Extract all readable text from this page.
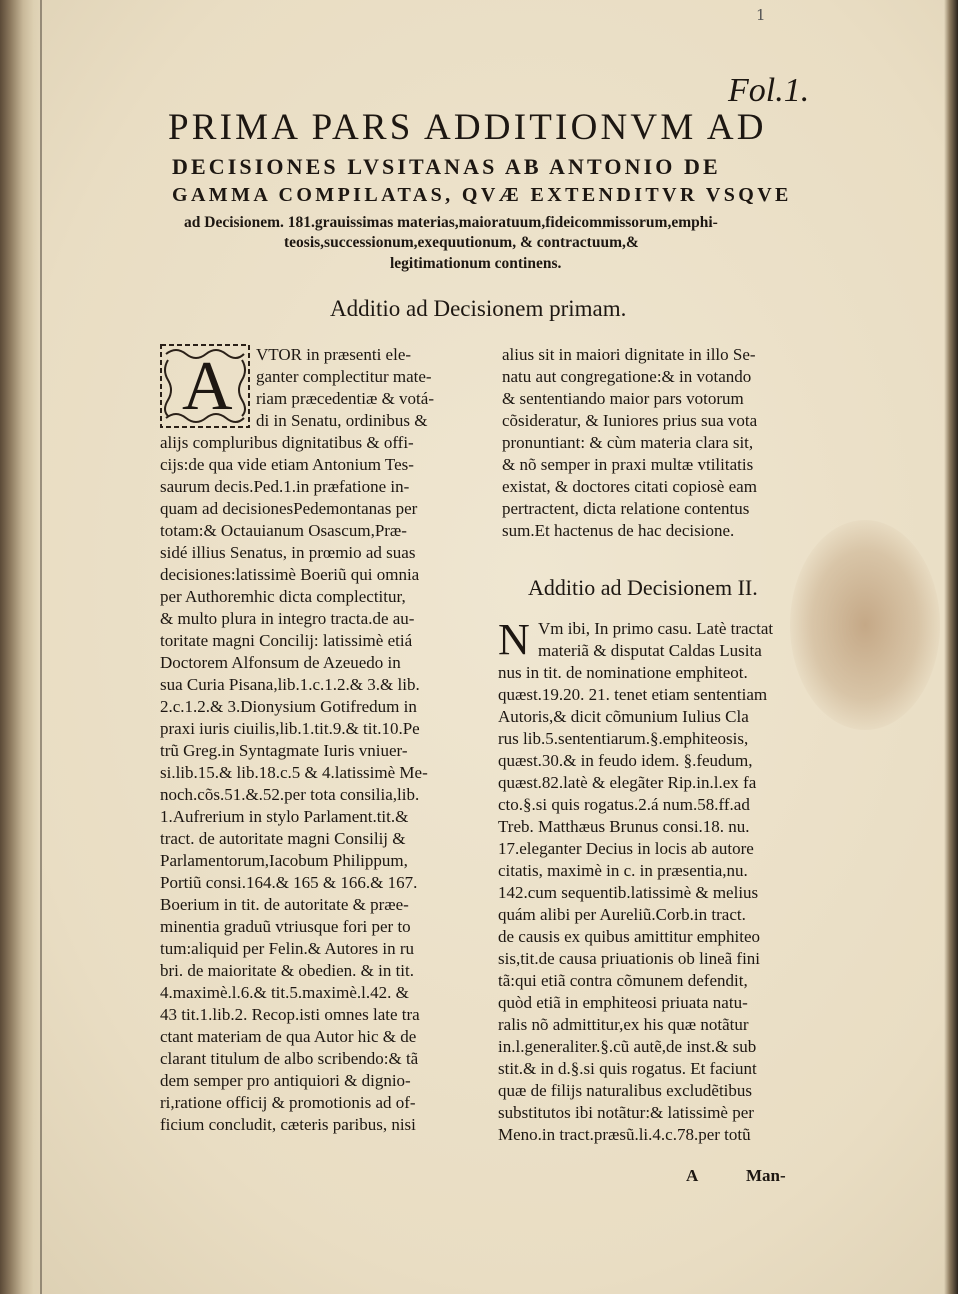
1
Fol.1.
PRIMA PARS ADDITIONVM AD
DECISIONES LVSITANAS AB ANTONIO DE
GAMMA COMPILATAS, QVÆ EXTENDITVR VSQVE
ad Decisionem. 181.grauissimas materias,maioratuum,fideicommissorum,emphi-
teosis,successionum,exequutionum, & contractuum,&
legitimationum continens.
Additio ad Decisionem primam.
A	VTOR in præsenti ele-
ganter complectitur mate-
riam præcedentiæ & votá-
di in Senatu, ordinibus &
alijs compluribus dignitatibus & offi-
cijs:de qua vide etiam Antonium Tes-
saurum decis.Ped.1.in præfatione in-
quam ad decisionesPedemontanas per
totam:& Octauianum Osascum,Præ-
sidé illius Senatus, in prœmio ad suas
decisiones:latissimè Boeriũ qui omnia
per Authoremhic dicta complectitur,
& multo plura in integro tracta.de au-
toritate magni Concilij: latissimè etiá
Doctorem Alfonsum de Azeuedo in
sua Curia Pisana,lib.1.c.1.2.& 3.& lib.
2.c.1.2.& 3.Dionysium Gotifredum in
praxi iuris ciuilis,lib.1.tit.9.& tit.10.Pe
trũ Greg.in Syntagmate Iuris vniuer-
si.lib.15.& lib.18.c.5 & 4.latissimè Me-
noch.cõs.51.&.52.per tota consilia,lib.
1.Aufrerium in stylo Parlament.tit.&
tract. de autoritate magni Consilij &
Parlamentorum,Iacobum Philippum,
Portiũ consi.164.& 165 & 166.& 167.
Boerium in tit. de autoritate & præe-
minentia graduũ vtriusque fori per to
tum:aliquid per Felin.& Autores in ru
bri. de maioritate & obedien. & in tit.
4.maximè.l.6.& tit.5.maximè.l.42. &
43 tit.1.lib.2. Recop.isti omnes late tra
ctant materiam de qua Autor hic & de
clarant titulum de albo scribendo:& tã
dem semper pro antiquiori & dignio-
ri,ratione officij & promotionis ad of-
ficium concludit, cæteris paribus, nisi
alius sit in maiori dignitate in illo Se-
natu aut congregatione:& in votando
& sententiando maior pars votorum
cõsideratur, & Iuniores prius sua vota
pronuntiant: & cùm materia clara sit,
& nõ semper in praxi multæ vtilitatis
existat, & doctores citati copiosè eam
pertractent, dicta relatione contentus
sum.Et hactenus de hac decisione.
Additio ad Decisionem II.
N Vm ibi, In primo casu. Latè tractat
materiã & disputat Caldas Lusita
nus in tit. de nominatione emphiteot.
quæst.19.20. 21. tenet etiam sententiam
Autoris,& dicit cõmunium Iulius Cla
rus lib.5.sententiarum.§.emphiteosis,
quæst.30.& in feudo idem. §.feudum,
quæst.82.latè & elegãter Rip.in.l.ex fa
cto.§.si quis rogatus.2.á num.58.ff.ad
Treb. Matthæus Brunus consi.18. nu.
17.eleganter Decius in locis ab autore
citatis, maximè in c. in præsentia,nu.
142.cum sequentib.latissimè & melius
quám alibi per Aureliũ.Corb.in tract.
de causis ex quibus amittitur emphiteo
sis,tit.de causa priuationis ob lineã fini
tã:qui etiã contra cõmunem defendit,
quòd etiã in emphiteosi priuata natu-
ralis nõ admittitur,ex his quæ notãtur
in.l.generaliter.§.cũ autẽ,de inst.& sub
stit.& in d.§.si quis rogatus. Et faciunt
quæ de filijs naturalibus excludẽtibus
substitutos ibi notãtur:& latissimè per
Meno.in tract.præsũ.li.4.c.78.per totũ
A	Man-
